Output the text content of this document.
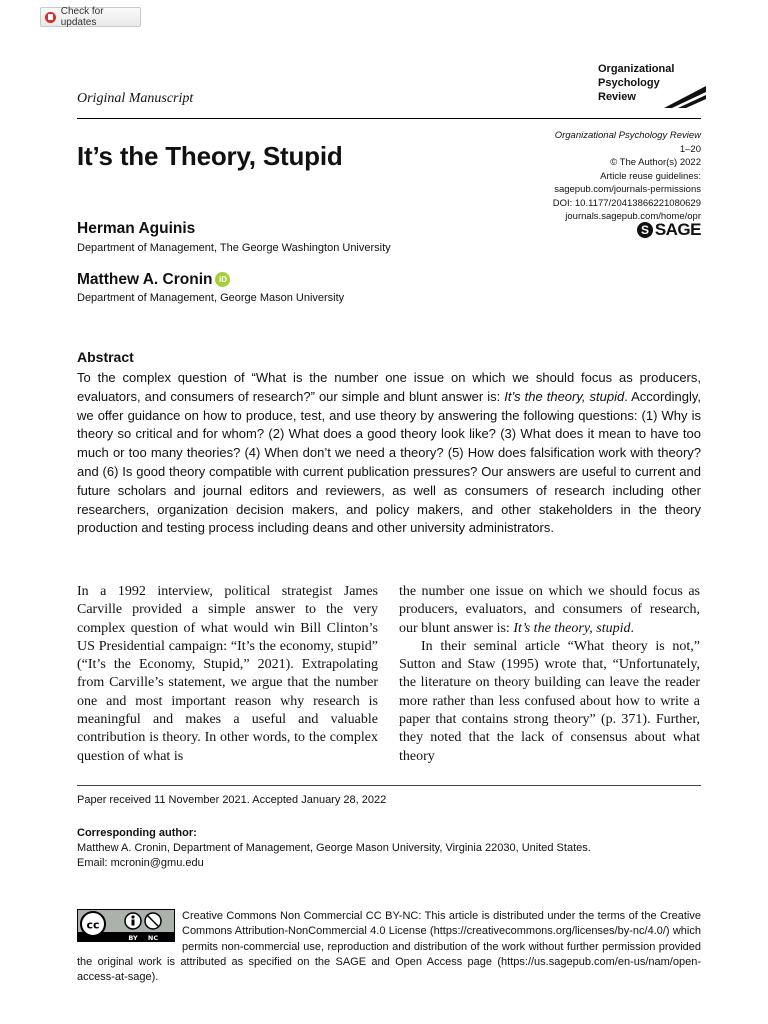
Check for updates
Original Manuscript
Organizational
Psychology
Review
It’s the Theory, Stupid
Organizational Psychology Review
1–20
© The Author(s) 2022
Article reuse guidelines:
sagepub.com/journals-permissions
DOI: 10.1177/20413866221080629
journals.sagepub.com/home/opr
S SAGE
Herman Aguinis
Department of Management, The George Washington University
Matthew A. Cronin iD
Department of Management, George Mason University
Abstract
To the complex question of “What is the number one issue on which we should focus as producers, evaluators, and consumers of research?” our simple and blunt answer is: It’s the theory, stupid. Accordingly, we offer guidance on how to produce, test, and use theory by answering the following questions: (1) Why is theory so critical and for whom? (2) What does a good theory look like? (3) What does it mean to have too much or too many theories? (4) When don’t we need a theory? (5) How does falsification work with theory? and (6) Is good theory compatible with current publication pressures? Our answers are useful to current and future scholars and journal editors and reviewers, as well as consumers of research including other researchers, organization decision makers, and policy makers, and other stakeholders in the theory production and testing process including deans and other university administrators.

In a 1992 interview, political strategist James Carville provided a simple answer to the very complex question of what would win Bill Clinton’s US Presidential campaign: “It’s the economy, stupid” (“It’s the Economy, Stupid,” 2021). Extrapolating from Carville’s statement, we argue that the number one and most important reason why research is meaningful and makes a useful and valuable contribution is theory. In other words, to the complex question of what is

the number one issue on which we should focus as producers, evaluators, and consumers of research, our blunt answer is: It’s the theory, stupid.

In their seminal article “What theory is not,” Sutton and Staw (1995) wrote that, “Unfortunately, the literature on theory building can leave the reader more rather than less confused about how to write a paper that contains strong theory” (p. 371). Further, they noted that the lack of consensus about what theory

Paper received 11 November 2021. Accepted January 28, 2022
Corresponding author:
Matthew A. Cronin, Department of Management, George Mason University, Virginia 22030, United States.
Email: mcronin@gmu.edu
cc
BY NC
Creative Commons Non Commercial CC BY-NC: This article is distributed under the terms of the Creative Commons Attribution-NonCommercial 4.0 License (https://creativecommons.org/licenses/by-nc/4.0/) which permits non-commercial use, reproduction and distribution of the work without further permission provided the original work is attributed as specified on the SAGE and Open Access page (https://us.sagepub.com/en-us/nam/open-access-at-sage).
